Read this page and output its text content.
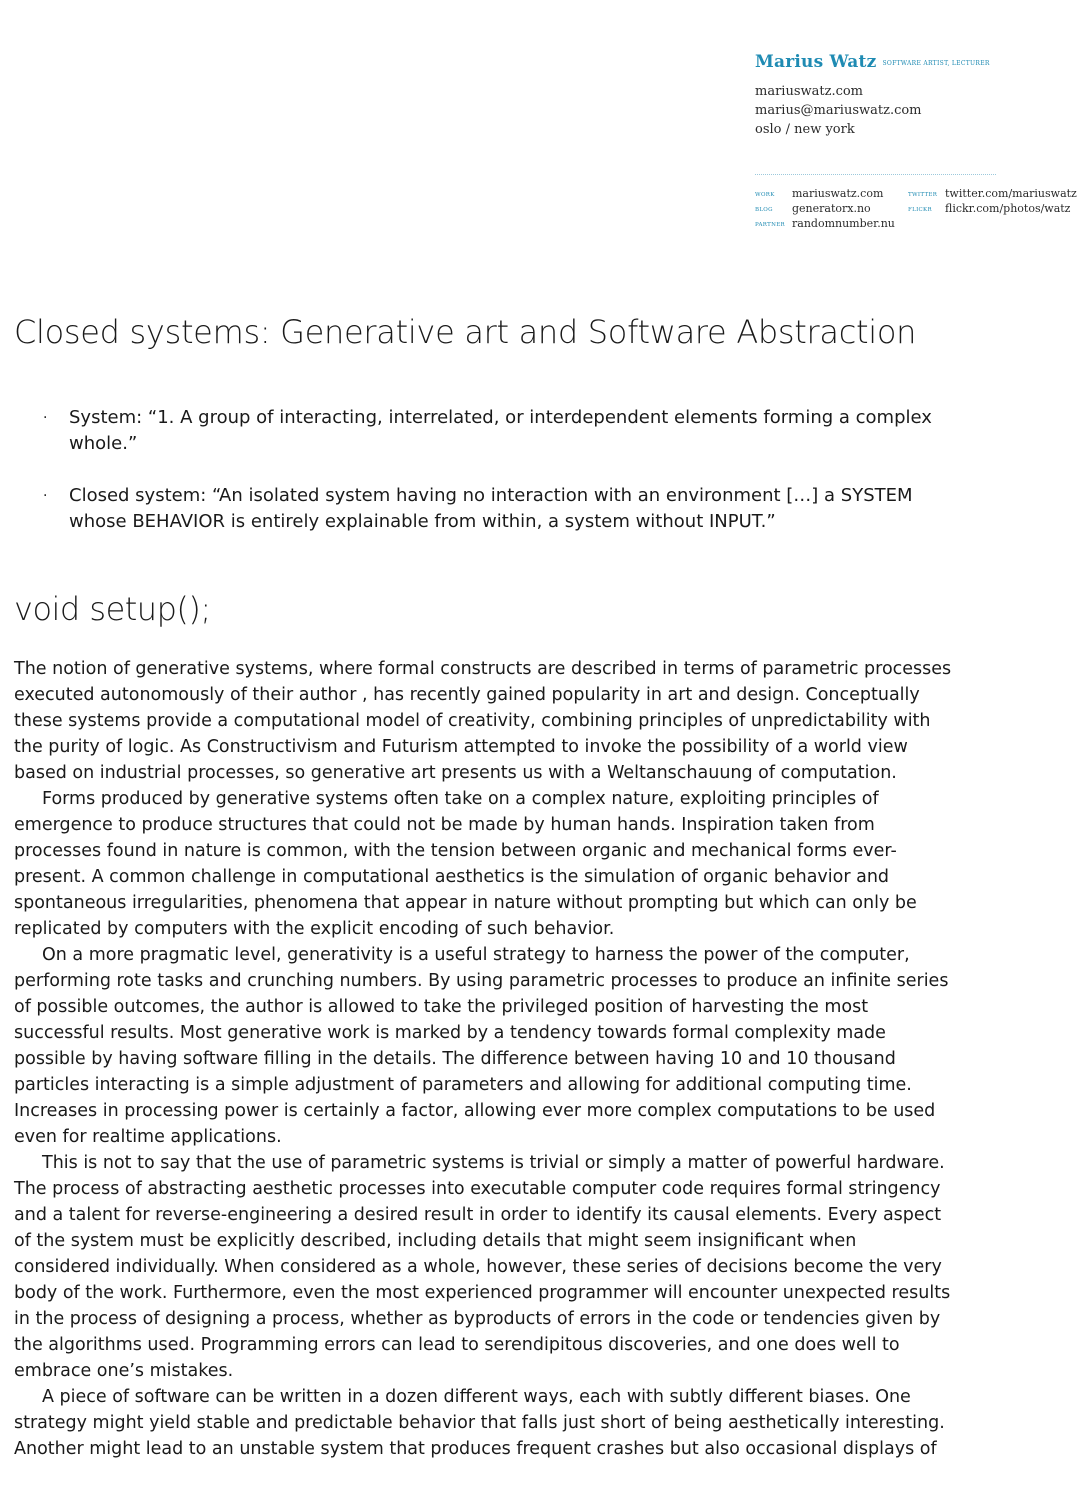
Marius Watz SOFTWARE ARTIST, LECTURER
mariuswatz.com
marius@mariuswatz.com
oslo / new york
WORK mariuswatz.com
BLOG generatorx.no
PARTNER randomnumber.nu
TWITTER twitter.com/mariuswatz
FLICKR flickr.com/photos/watz
Closed systems: Generative art and Software Abstraction
· System: “1. A group of interacting, interrelated, or interdependent elements forming a complex whole.”
· Closed system: “An isolated system having no interaction with an environment […] a SYSTEM whose BEHAVIOR is entirely explainable from within, a system without INPUT.”
void setup();

The notion of generative systems, where formal constructs are described in terms of parametric processes executed autonomously of their author , has recently gained popularity in art and design. Conceptually these systems provide a computational model of creativity, combining principles of unpredictability with the purity of logic. As Constructivism and Futurism attempted to invoke the possibility of a world view based on industrial processes, so generative art presents us with a Weltanschauung of computation.

Forms produced by generative systems often take on a complex nature, exploiting principles of emergence to produce structures that could not be made by human hands. Inspiration taken from processes found in nature is common, with the tension between organic and mechanical forms ever-present. A common challenge in computational aesthetics is the simulation of organic behavior and spontaneous irregularities, phenomena that appear in nature without prompting but which can only be replicated by computers with the explicit encoding of such behavior.

On a more pragmatic level, generativity is a useful strategy to harness the power of the computer, performing rote tasks and crunching numbers. By using parametric processes to produce an infinite series of possible outcomes, the author is allowed to take the privileged position of harvesting the most successful results. Most generative work is marked by a tendency towards formal complexity made possible by having software filling in the details. The difference between having 10 and 10 thousand particles interacting is a simple adjustment of parameters and allowing for additional computing time. Increases in processing power is certainly a factor, allowing ever more complex computations to be used even for realtime applications.

This is not to say that the use of parametric systems is trivial or simply a matter of powerful hardware. The process of abstracting aesthetic processes into executable computer code requires formal stringency and a talent for reverse-engineering a desired result in order to identify its causal elements. Every aspect of the system must be explicitly described, including details that might seem insignificant when considered individually. When considered as a whole, however, these series of decisions become the very body of the work. Furthermore, even the most experienced programmer will encounter unexpected results in the process of designing a process, whether as byproducts of errors in the code or tendencies given by the algorithms used. Programming errors can lead to serendipitous discoveries, and one does well to embrace one’s mistakes.

A piece of software can be written in a dozen different ways, each with subtly different biases. One strategy might yield stable and predictable behavior that falls just short of being aesthetically interesting. Another might lead to an unstable system that produces frequent crashes but also occasional displays of
